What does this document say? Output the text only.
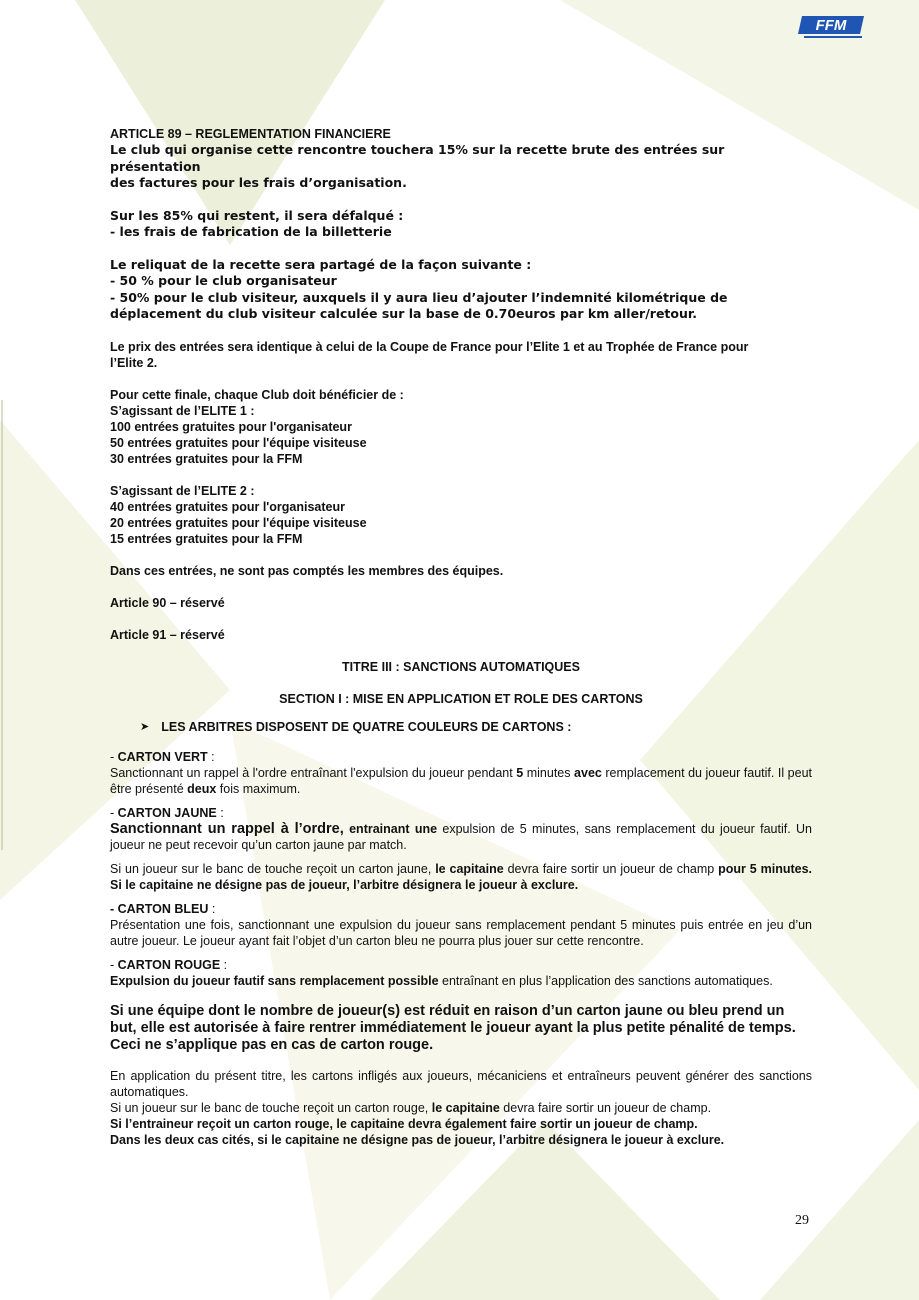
FFM

ARTICLE 89 – REGLEMENTATION FINANCIERE

Le club qui organise cette rencontre touchera 15% sur la recette brute des entrées sur présentation

des factures pour les frais d’organisation.

Sur les 85% qui restent, il sera défalqué :

- les frais de fabrication de la billetterie

Le reliquat de la recette sera partagé de la façon suivante :

- 50 % pour le club organisateur

- 50% pour le club visiteur, auxquels il y aura lieu d’ajouter l’indemnité kilométrique de

déplacement du club visiteur calculée sur la base de 0.70euros par km aller/retour.

Le prix des entrées sera identique à celui de la Coupe de France pour l’Elite 1 et au Trophée de France pour

l’Elite 2.

Pour cette finale, chaque Club doit bénéficier de :

S’agissant de l’ELITE 1 :

100 entrées gratuites pour l'organisateur

50 entrées gratuites pour l'équipe visiteuse

30 entrées gratuites pour la FFM

S’agissant de l’ELITE 2 :

40 entrées gratuites pour l'organisateur

20 entrées gratuites pour l'équipe visiteuse

15 entrées gratuites pour la FFM

Dans ces entrées, ne sont pas comptés les membres des équipes.

Article 90 – réservé

Article 91 – réservé

TITRE III : SANCTIONS AUTOMATIQUES

SECTION I : MISE EN APPLICATION ET ROLE DES CARTONS

➤ LES ARBITRES DISPOSENT DE QUATRE COULEURS DE CARTONS :

- CARTON VERT :

Sanctionnant un rappel à l'ordre entraînant l'expulsion du joueur pendant 5 minutes avec remplacement du joueur fautif. Il peut être présenté deux fois maximum.

- CARTON JAUNE :

Sanctionnant un rappel à l’ordre, entrainant une expulsion de 5 minutes, sans remplacement du joueur fautif. Un joueur ne peut recevoir qu’un carton jaune par match.

Si un joueur sur le banc de touche reçoit un carton jaune, le capitaine devra faire sortir un joueur de champ pour 5 minutes. Si le capitaine ne désigne pas de joueur, l’arbitre désignera le joueur à exclure.

- CARTON BLEU :

Présentation une fois, sanctionnant une expulsion du joueur sans remplacement pendant 5 minutes puis entrée en jeu d’un autre joueur. Le joueur ayant fait l’objet d’un carton bleu ne pourra plus jouer sur cette rencontre.

- CARTON ROUGE :

Expulsion du joueur fautif sans remplacement possible entraînant en plus l’application des sanctions automatiques.

Si une équipe dont le nombre de joueur(s) est réduit en raison d’un carton jaune ou bleu prend un but, elle est autorisée à faire rentrer immédiatement le joueur ayant la plus petite pénalité de temps. Ceci ne s’applique pas en cas de carton rouge.

En application du présent titre, les cartons infligés aux joueurs, mécaniciens et entraîneurs peuvent générer des sanctions automatiques.

Si un joueur sur le banc de touche reçoit un carton rouge, le capitaine devra faire sortir un joueur de champ.

Si l’entraineur reçoit un carton rouge, le capitaine devra également faire sortir un joueur de champ.

Dans les deux cas cités, si le capitaine ne désigne pas de joueur, l’arbitre désignera le joueur à exclure.

29
